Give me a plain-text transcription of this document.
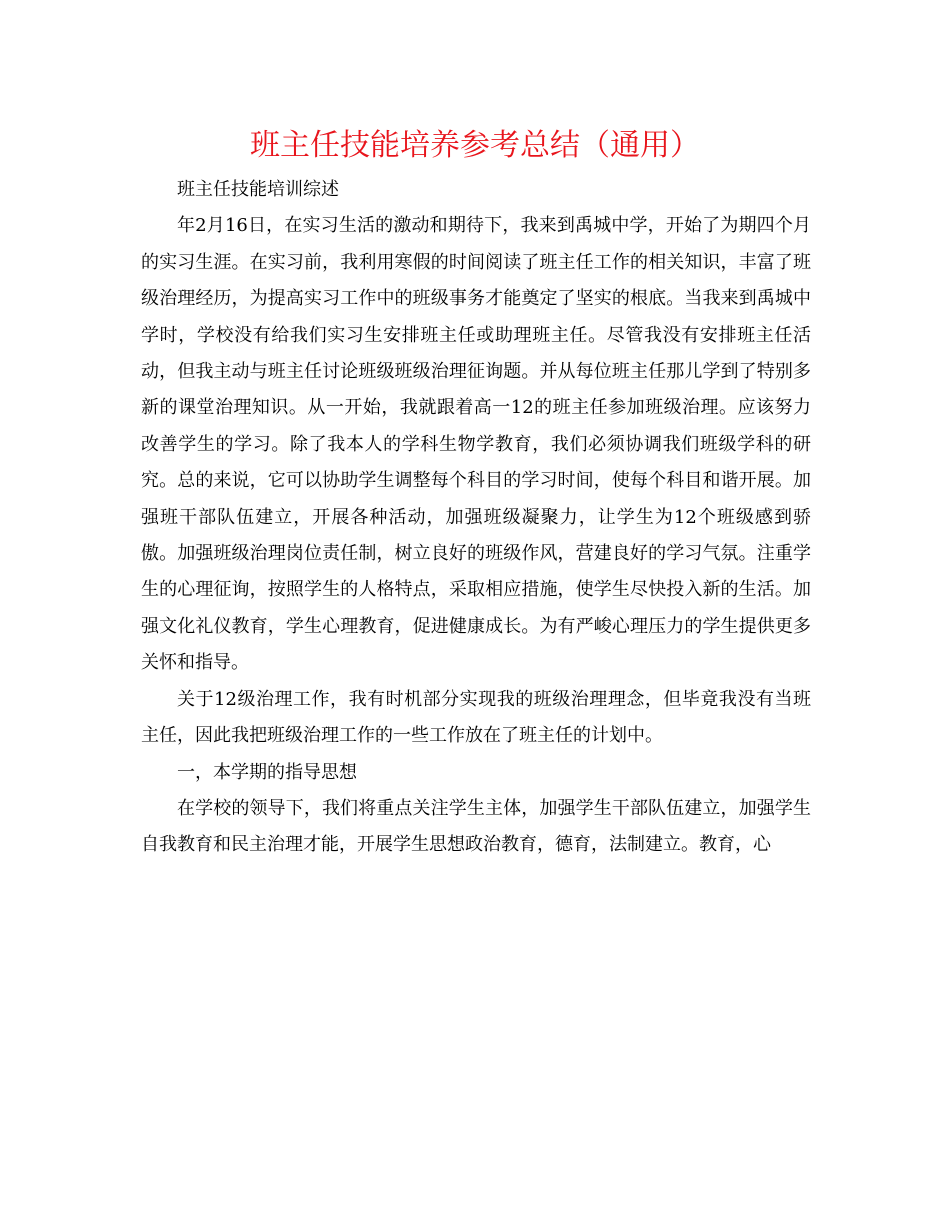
班主任技能培养参考总结（通用）

班主任技能培训综述

年2月16日，在实习生活的激动和期待下，我来到禹城中学，开始了为期四个月的实习生涯。在实习前，我利用寒假的时间阅读了班主任工作的相关知识，丰富了班级治理经历，为提高实习工作中的班级事务才能奠定了坚实的根底。当我来到禹城中学时，学校没有给我们实习生安排班主任或助理班主任。尽管我没有安排班主任活动，但我主动与班主任讨论班级班级治理征询题。并从每位班主任那儿学到了特别多新的课堂治理知识。从一开始，我就跟着高一12的班主任参加班级治理。应该努力改善学生的学习。除了我本人的学科生物学教育，我们必须协调我们班级学科的研究。总的来说，它可以协助学生调整每个科目的学习时间，使每个科目和谐开展。加强班干部队伍建立，开展各种活动，加强班级凝聚力，让学生为12个班级感到骄傲。加强班级治理岗位责任制，树立良好的班级作风，营建良好的学习气氛。注重学生的心理征询，按照学生的人格特点，采取相应措施，使学生尽快投入新的生活。加强文化礼仪教育，学生心理教育，促进健康成长。为有严峻心理压力的学生提供更多关怀和指导。

关于12级治理工作，我有时机部分实现我的班级治理理念，但毕竟我没有当班主任，因此我把班级治理工作的一些工作放在了班主任的计划中。

一，本学期的指导思想

在学校的领导下，我们将重点关注学生主体，加强学生干部队伍建立，加强学生自我教育和民主治理才能，开展学生思想政治教育，德育，法制建立。教育，心
